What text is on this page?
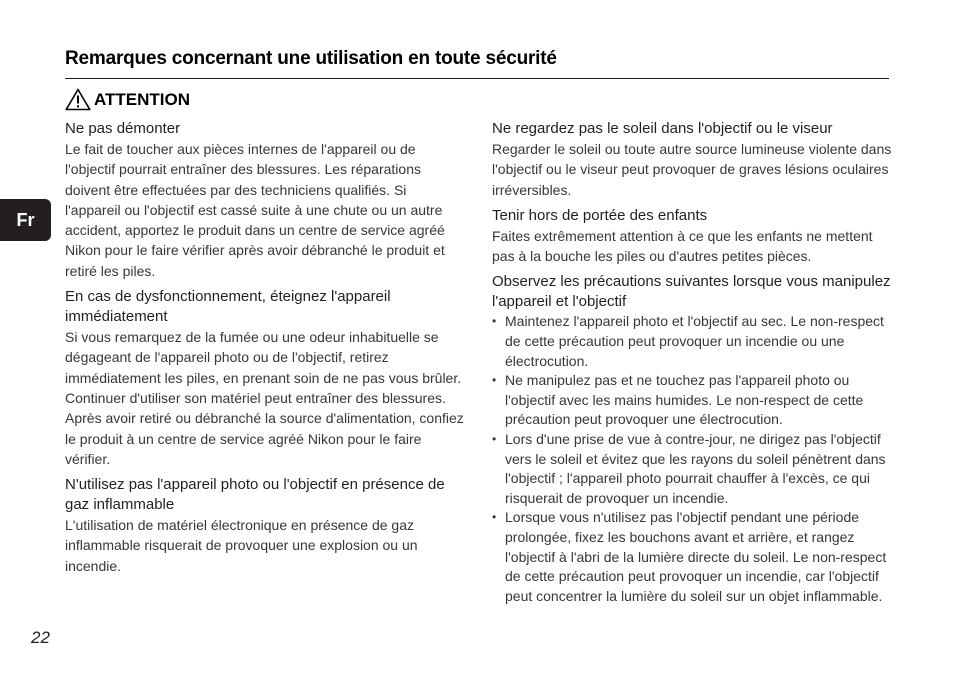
Remarques concernant une utilisation en toute sécurité
ATTENTION
Fr

Ne pas démonter

Le fait de toucher aux pièces internes de l'appareil ou de l'objectif pourrait entraîner des blessures. Les réparations doivent être effectuées par des techniciens qualifiés. Si l'appareil ou l'objectif est cassé suite à une chute ou un autre accident, apportez le produit dans un centre de service agréé Nikon pour le faire vérifier après avoir débranché le produit et retiré les piles.

En cas de dysfonctionnement, éteignez l'appareil immédiatement

Si vous remarquez de la fumée ou une odeur inhabituelle se dégageant de l'appareil photo ou de l'objectif, retirez immédiatement les piles, en prenant soin de ne pas vous brûler. Continuer d'utiliser son matériel peut entraîner des blessures.

Après avoir retiré ou débranché la source d'alimentation, confiez le produit à un centre de service agréé Nikon pour le faire vérifier.

N'utilisez pas l'appareil photo ou l'objectif en présence de gaz inflammable

L'utilisation de matériel électronique en présence de gaz inflammable risquerait de provoquer une explosion ou un incendie.

Ne regardez pas le soleil dans l'objectif ou le viseur

Regarder le soleil ou toute autre source lumineuse violente dans l'objectif ou le viseur peut provoquer de graves lésions oculaires irréversibles.

Tenir hors de portée des enfants

Faites extrêmement attention à ce que les enfants ne mettent pas à la bouche les piles ou d'autres petites pièces.

Observez les précautions suivantes lorsque vous manipulez l'appareil et l'objectif

• Maintenez l'appareil photo et l'objectif au sec. Le non-respect de cette précaution peut provoquer un incendie ou une électrocution.
• Ne manipulez pas et ne touchez pas l'appareil photo ou l'objectif avec les mains humides. Le non-respect de cette précaution peut provoquer une électrocution.
• Lors d'une prise de vue à contre-jour, ne dirigez pas l'objectif vers le soleil et évitez que les rayons du soleil pénètrent dans l'objectif ; l'appareil photo pourrait chauffer à l'excès, ce qui risquerait de provoquer un incendie.
• Lorsque vous n'utilisez pas l'objectif pendant une période prolongée, fixez les bouchons avant et arrière, et rangez l'objectif à l'abri de la lumière directe du soleil. Le non-respect de cette précaution peut provoquer un incendie, car l'objectif peut concentrer la lumière du soleil sur un objet inflammable.
22
